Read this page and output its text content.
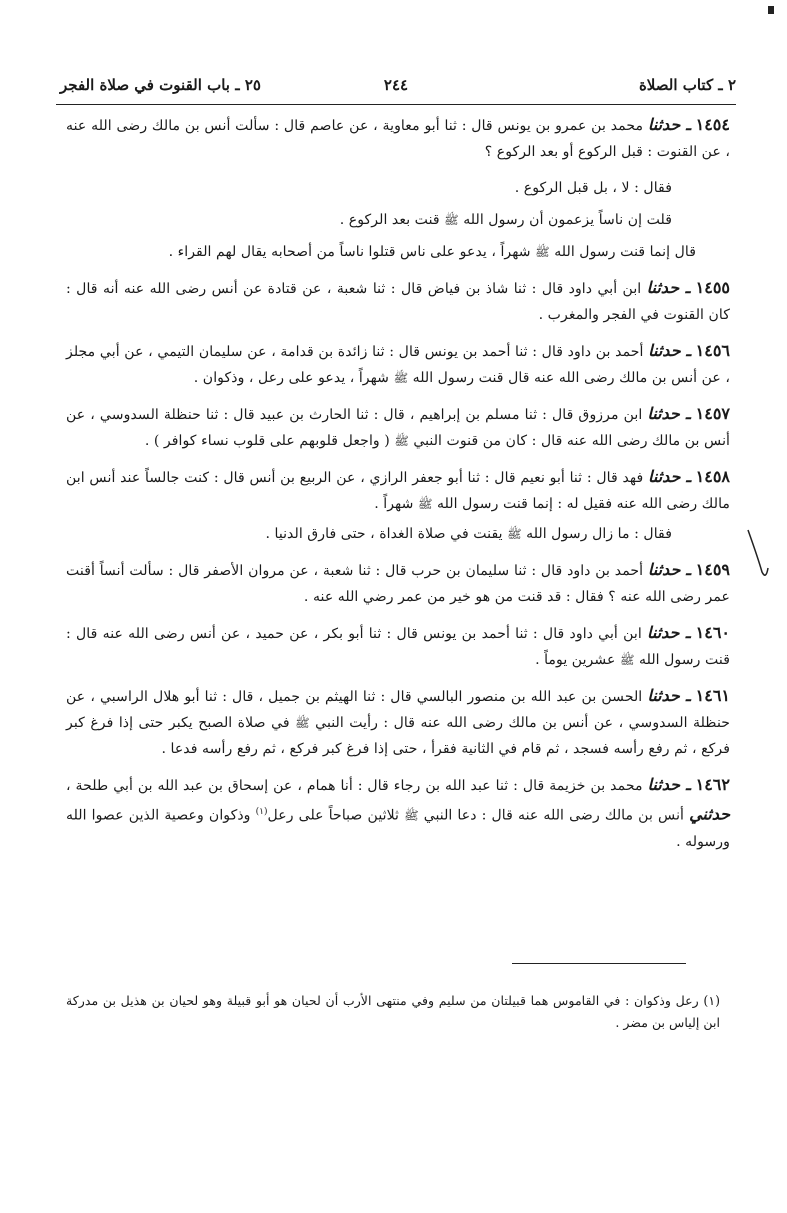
٢ ـ كتاب الصلاة
٢٤٤
٢٥ ـ باب القنوت في صلاة الفجر

١٤٥٤ ـ حدثنا محمد بن عمرو بن يونس قال : ثنا أبو معاوية ، عن عاصم قال : سألت أنس بن مالك رضى الله عنه ، عن القنوت : قبل الركوع أو بعد الركوع ؟

فقال : لا ، بل قبل الركوع .

قلت إن ناساً يزعمون أن رسول الله ﷺ قنت بعد الركوع .

قال إنما قنت رسول الله ﷺ شهراً ، يدعو على ناس قتلوا ناساً من أصحابه يقال لهم القراء .

١٤٥٥ ـ حدثنا ابن أبي داود قال : ثنا شاذ بن فياض قال : ثنا شعبة ، عن قتادة عن أنس رضى الله عنه أنه قال : كان القنوت في الفجر والمغرب .

١٤٥٦ ـ حدثنا أحمد بن داود قال : ثنا أحمد بن يونس قال : ثنا زائدة بن قدامة ، عن سليمان التيمي ، عن أبي مجلز ، عن أنس بن مالك رضى الله عنه قال قنت رسول الله ﷺ شهراً ، يدعو على رعل ، وذكوان .

١٤٥٧ ـ حدثنا ابن مرزوق قال : ثنا مسلم بن إبراهيم ، قال : ثنا الحارث بن عبيد قال : ثنا حنظلة السدوسي ، عن أنس بن مالك رضى الله عنه قال : كان من قنوت النبي ﷺ ( واجعل قلوبهم على قلوب نساء كوافر ) .

١٤٥٨ ـ حدثنا فهد قال : ثنا أبو نعيم قال : ثنا أبو جعفر الرازي ، عن الربيع بن أنس قال : كنت جالساً عند أنس ابن مالك رضى الله عنه فقيل له : إنما قنت رسول الله ﷺ شهراً .

فقال : ما زال رسول الله ﷺ يقنت في صلاة الغداة ، حتى فارق الدنيا .

١٤٥٩ ـ حدثنا أحمد بن داود قال : ثنا سليمان بن حرب قال : ثنا شعبة ، عن مروان الأصفر قال : سألت أنساً أقنت عمر رضى الله عنه ؟ فقال : قد قنت من هو خير من عمر رضي الله عنه .

١٤٦٠ ـ حدثنا ابن أبي داود قال : ثنا أحمد بن يونس قال : ثنا أبو بكر ، عن حميد ، عن أنس رضى الله عنه قال : قنت رسول الله ﷺ عشرين يوماً .

١٤٦١ ـ حدثنا الحسن بن عبد الله بن منصور البالسي قال : ثنا الهيثم بن جميل ، قال : ثنا أبو هلال الراسبي ، عن حنظلة السدوسي ، عن أنس بن مالك رضى الله عنه قال : رأيت النبي ﷺ في صلاة الصبح يكبر حتى إذا فرغ كبر فركع ، ثم رفع رأسه فسجد ، ثم قام في الثانية فقرأ ، حتى إذا فرغ كبر فركع ، ثم رفع رأسه فدعا .

١٤٦٢ ـ حدثنا محمد بن خزيمة قال : ثنا عبد الله بن رجاء قال : أنا همام ، عن إسحاق بن عبد الله بن أبي طلحة ، حدثني أنس بن مالك رضى الله عنه قال : دعا النبي ﷺ ثلاثين صباحاً على رعل$^{(١)}$ وذكوان وعصية الذين عصوا الله ورسوله .

(١) رعل وذكوان : في القاموس هما قبيلتان من سليم وفي منتهى الأرب أن لحيان هو أبو قبيلة وهو لحيان بن هذيل بن مدركة ابن إلياس بن مضر .
